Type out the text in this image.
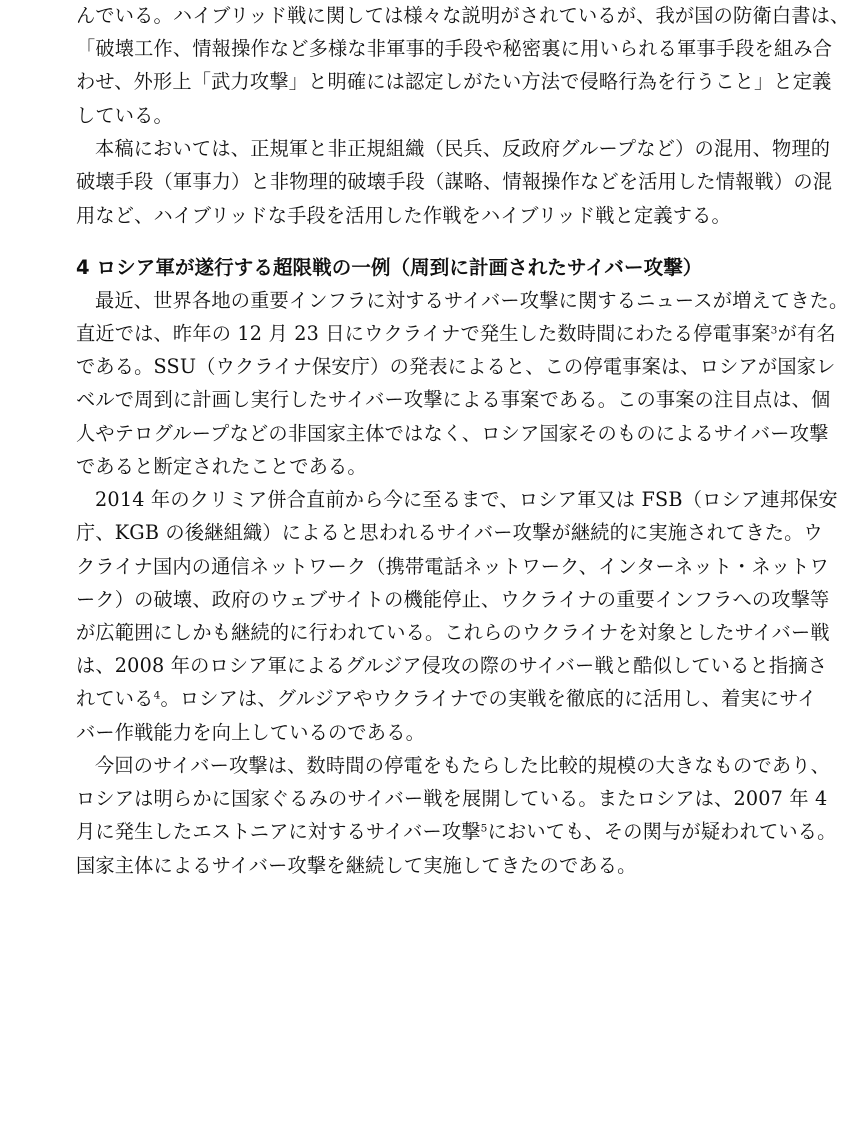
んでいる。ハイブリッド戦に関しては様々な説明がされているが、我が国の防衛白書は、
「破壊工作、情報操作など多様な非軍事的手段や秘密裏に用いられる軍事手段を組み合
わせ、外形上「武力攻撃」と明確には認定しがたい方法で侵略行為を行うこと」と定義
している。
本稿においては、正規軍と非正規組織（民兵、反政府グループなど）の混用、物理的
破壊手段（軍事力）と非物理的破壊手段（謀略、情報操作などを活用した情報戦）の混
用など、ハイブリッドな手段を活用した作戦をハイブリッド戦と定義する。
4 ロシア軍が遂行する超限戦の一例（周到に計画されたサイバー攻撃）
最近、世界各地の重要インフラに対するサイバー攻撃に関するニュースが増えてきた。
直近では、昨年の 12 月 23 日にウクライナで発生した数時間にわたる停電事案$^3$が有名
である。SSU（ウクライナ保安庁）の発表によると、この停電事案は、ロシアが国家レ
ベルで周到に計画し実行したサイバー攻撃による事案である。この事案の注目点は、個
人やテログループなどの非国家主体ではなく、ロシア国家そのものによるサイバー攻撃
であると断定されたことである。
2014 年のクリミア併合直前から今に至るまで、ロシア軍又は FSB（ロシア連邦保安
庁、KGB の後継組織）によると思われるサイバー攻撃が継続的に実施されてきた。ウ
クライナ国内の通信ネットワーク（携帯電話ネットワーク、インターネット・ネットワ
ーク）の破壊、政府のウェブサイトの機能停止、ウクライナの重要インフラへの攻撃等
が広範囲にしかも継続的に行われている。これらのウクライナを対象としたサイバー戦
は、2008 年のロシア軍によるグルジア侵攻の際のサイバー戦と酷似していると指摘さ
れている$^4$。ロシアは、グルジアやウクライナでの実戦を徹底的に活用し、着実にサイ
バー作戦能力を向上しているのである。
今回のサイバー攻撃は、数時間の停電をもたらした比較的規模の大きなものであり、
ロシアは明らかに国家ぐるみのサイバー戦を展開している。またロシアは、2007 年 4
月に発生したエストニアに対するサイバー攻撃$^5$においても、その関与が疑われている。
国家主体によるサイバー攻撃を継続して実施してきたのである。
